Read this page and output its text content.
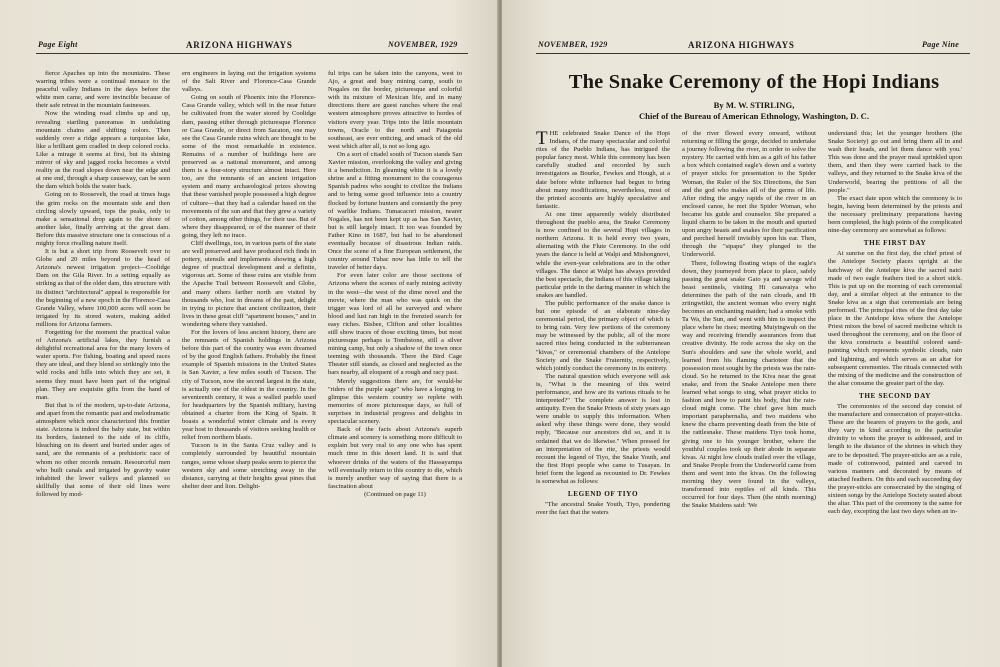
Page Eight	ARIZONA HIGHWAYS	NOVEMBER, 1929

fierce Apaches up into the mountains. These warring tribes were a continual menace to the peaceful valley Indians in the days before the white men came, and were invincible because of their safe retreat in the mountain fastnesses.

Now the winding road climbs up and up, revealing startling panoramas in undulating mountain chains and shifting colors. Then suddenly over a ridge appears a turquoise lake, like a brilliant gem cradled in deep colored rocks. Like a mirage it seems at first, but its shining mirror of sky and jagged rocks becomes a vivid reality as the road slopes down near the edge and at one end, through a sharp causeway, can be seen the dam which holds the water back.

Going on to Roosevelt, the road at times hugs the grim rocks on the mountain side and then circling slowly upward, tops the peaks, only to make a sensational drop again to the shore of another lake, finally arriving at the great dam. Before this massive structure one is conscious of a mighty force rivalling nature itself.

It is but a short trip from Roosevelt over to Globe and 20 miles beyond to the head of Arizona's newest irrigation project—Coolidge Dam on the Gila River. In a setting equally as striking as that of the older dam, this structure with its distinct "architectural" appeal is responsible for the beginning of a new epoch in the Florence-Casa Grande Valley, where 100,000 acres will soon be irrigated by its stored waters, making added millions for Arizona farmers.

Forgetting for the moment the practical value of Arizona's artificial lakes, they furnish a delightful recreational area for the many lovers of water sports. For fishing, boating and speed races they are ideal, and they blend so strikingly into the wild rocks and hills into which they are set, it seems they must have been part of the original plan. They are exquisite gifts from the hand of man.

But that is of the modern, up-to-date Arizona, and apart from the romantic past and melodramatic atmosphere which once characterized this frontier state. Arizona is indeed the baby state, but within its borders, fastened to the side of its cliffs, bleaching on its desert and buried under ages of sand, are the remnants of a prehistoric race of whom no other records remain. Resourceful men who built canals and irrigated by gravity water inhabited the lower valleys and planned so skillfully that some of their old lines were followed by mod-

ern engineers in laying out the irrigation systems of the Salt River and Florence-Casa Grande valleys.

Going on south of Phoenix into the Florence-Casa Grande valley, which will in the near future be cultivated from the water stored by Coolidge dam, passing either through picturesque Florence or Casa Grande, or direct from Sacaton, one may see the Casa Grande ruins which are thought to be some of the most remarkable in existence. Remains of a number of buildings here are preserved as a national monument, and among them is a four-story structure almost intact. Here too, are the remnants of an ancient irrigation system and many archaeological prizes showing that these vanished people possessed a high degree of culture—that they had a calendar based on the movements of the sun and that they grew a variety of cotton, among other things, for their use. But of where they disappeared, or of the manner of their going, they left no trace.

Cliff dwellings, too, in various parts of the state are well preserved and have produced rich finds in pottery, utensils and implements showing a high degree of practical development and a definite, vigorous art. Some of these ruins are visible from the Apache Trail between Roosevelt and Globe, and many others farther north are visited by thousands who, lost in dreams of the past, delight in trying to picture that ancient civilization, their lives in these great cliff "apartment houses," and in wondering where they vanished.

For the lovers of less ancient history, there are the remnants of Spanish holdings in Arizona before this part of the country was even dreamed of by the good English fathers. Probably the finest example of Spanish missions in the United States is San Xavier, a few miles south of Tucson. The city of Tucson, now the second largest in the state, is actually one of the oldest in the country. In the seventeenth century, it was a walled pueblo used for headquarters by the Spanish military, having obtained a charter from the King of Spain. It boasts a wonderful winter climate and is every year host to thousands of visitors seeking health or relief from northern blasts.

Tucson is in the Santa Cruz valley and is completely surrounded by beautiful mountain ranges, some whose sharp peaks seem to pierce the western sky and some stretching away in the distance, carrying at their heights great pines that shelter deer and lion. Delight-

ful trips can be taken into the canyons, west to Ajo, a great and busy mining camp, south to Nogales on the border, picturesque and colorful with its mixture of Mexican life, and in many directions there are guest ranches where the real western atmosphere proves attractive to hordes of visitors every year. Trips into the little mountain towns, Oracle to the north and Patagonia southeast, are ever enticing, and smack of the old west which after all, is not so long ago.

On a sort of citadel south of Tucson stands San Xavier mission, overlooking the valley and giving it a benediction. In gleaming white it is a lovely shrine and a fitting monument to the courageous Spanish padres who sought to civilize the Indians and to bring some good influence into a country flocked by fortune hunters and constantly the prey of warlike Indians. Tumacacori mission, nearer Nogales, has not been kept up as has San Xavier, but is still largely intact. It too was founded by Father Kino in 1687, but had to be abandoned eventually because of disastrous Indian raids. Once the scene of a fine European settlement, the country around Tubac now has little to tell the traveler of better days.

For even later color are those sections of Arizona where the scenes of early mining activity in the west—the west of the dime novel and the movie, where the man who was quick on the trigger was lord of all he surveyed and where blood and lust ran high in the frenzied search for easy riches. Bisbee, Clifton and other localities still show traces of those exciting times, but most picturesque perhaps is Tombstone, still a silver mining camp, but only a shadow of the town once teeming with thousands. There the Bird Cage Theater still stands, as closed and neglected as the bars nearby, all eloquent of a rough and racy past.

Merely suggestions there are, for would-be "riders of the purple sage" who have a longing to glimpse this western country so replete with memories of more picturesque days, so full of surprises in industrial progress and delights in spectacular scenery.

Back of the facts about Arizona's superb climate and scenery is something more difficult to explain but very real to any one who has spent much time in this desert land. It is said that whoever drinks of the waters of the Hassayampa will eventually return to this country to die, which is merely another way of saying that there is a fascination about

(Continued on page 11)

NOVEMBER, 1929	ARIZONA HIGHWAYS	Page Nine
The Snake Ceremony of the Hopi Indians
By M. W. STIRLING,
Chief of the Bureau of American Ethnology, Washington, D. C.

THE celebrated Snake Dance of the Hopi Indians, of the many spectacular and colorful rites of the Pueblo Indians, has intrigued the popular fancy most. While this ceremony has been carefully studied and recorded by such investigators as Bourke, Fewkes and Hough, at a date before white influence had begun to bring about many modifications, nevertheless, most of the printed accounts are highly speculative and fantastic.

At one time apparently widely distributed throughout the pueblo area, the Snake Ceremony is now confined to the several Hopi villages in northern Arizona. It is held every two years, alternating with the Flute Ceremony. In the odd years the dance is held at Walpi and Mishongnovi, while the even-year celebrations are in the other villages. The dance at Walpi has always provided the best spectacle, the Indians of this village taking particular pride in the daring manner in which the snakes are handled.

The public performance of the snake dance is but one episode of an elaborate nine-day ceremonial period, the primary object of which is to bring rain. Very few portions of the ceremony may be witnessed by the public, all of the more sacred rites being conducted in the subterranean "kivas," or ceremonial chambers of the Antelope Society and the Snake Fraternity, respectively, which jointly conduct the ceremony in its entirety.

The natural question which everyone will ask is, "What is the meaning of this weird performance, and how are its various rituals to be interpreted?" The complete answer is lost in antiquity. Even the Snake Priests of sixty years ago were unable to supply this information. When asked why these things were done, they would reply, "Because our ancestors did so, and it is ordained that we do likewise." When pressed for an interpretation of the rite, the priests would recount the legend of Tiyo, the Snake Youth, and the first Hopi people who came to Tusayan. In brief form the legend as recounted to Dr. Fewkes is somewhat as follows:

LEGEND OF TIYO

"The ancestral Snake Youth, Tiyo, pondering over the fact that the waters

of the river flowed every onward, without returning or filling the gorge, decided to undertake a journey following the river, in order to solve the mystery. He carried with him as a gift of his father a box which contained eagle's down and a variety of prayer sticks for presentation to the Spider Woman, the Ruler of the Six Directions, the Sun and the god who makes all of the germs of life. After riding the angry rapids of the river in an enclosed canoe, he met the Spider Woman, who became his guide and counselor. She prepared a liquid charm to be taken in the mouth and spurted upon angry beasts and snakes for their pacification and perched herself invisibly upon his ear. Then, through the "sipapu" they plunged to the Underworld.

There, following floating wisps of the eagle's down, they journeyed from place to place, safely passing the great snake Gato ya and savage wild beast sentinels, visiting Hi canavaiya who determines the path of the rain clouds, and Hi zriingwtikit, the ancient woman who every night becomes an enchanting maiden; had a smoke with Ta Wa, the Sun, and went with him to inspect the place where he rises; meeting Muiyingwuh on the way and receiving friendly assurances from that creative divinity. He rode across the sky on the Sun's shoulders and saw the whole world, and learned from his flaming charioteer that the possession most sought by the priests was the rain-cloud. So he returned to the Kiva near the great snake, and from the Snake Antelope men there learned what songs to sing, what prayer sticks to fashion and how to paint his body, that the rain-cloud might come. The chief gave him much important paraphernalia, and two maidens who knew the charm preventing death from the bite of the rattlesnake. These maidens Tiyo took home, giving one to his younger brother, where the youthful couples took up their abode in separate kivas. At night low clouds trailed over the village, and Snake People from the Underworld came from them and went into the kivas. On the following morning they were found in the valleys, transformed into reptiles of all kinds. This occurred for four days. Then (the ninth morning) the Snake Maidens said: 'We

understand this; let the younger brothers (the Snake Society) go out and bring them all in and wash their heads, and let them dance with you.' This was done and the prayer meal sprinkled upon them, and then they were carried back to the valleys, and they returned to the Snake kiva of the Underworld, bearing the petitions of all the people."

The exact date upon which the ceremony is to begin, having been determined by the priests and the necessary preliminary preparations having been completed, the high points of the complicated nine-day ceremony are somewhat as follows:

THE FIRST DAY

At sunrise on the first day, the chief priest of the Antelope Society places upright at the hatchway of the Antelope kiva the sacred natci made of two eagle feathers tied to a short stick. This is put up on the morning of each ceremonial day, and a similar object at the entrance to the Snake kiva as a sign that ceremonials are being performed. The principal rites of the first day take place in the Antelope kiva where the Antelope Priest mixes the bowl of sacred medicine which is used throughout the ceremony, and on the floor of the kiva constructs a beautiful colored sand-painting which represents symbolic clouds, rain and lightning, and which serves as an altar for subsequent ceremonies. The rituals connected with the mixing of the medicine and the construction of the altar consume the greater part of the day.

THE SECOND DAY

The ceremonies of the second day consist of the manufacture and consecration of prayer-sticks. These are the bearers of prayers to the gods, and they vary in kind according to the particular divinity to whom the prayer is addressed, and in length to the distance of the shrines in which they are to be deposited. The prayer-sticks are as a rule, made of cottonwood, painted and carved in various manners and decorated by means of attached feathers. On this and each succeeding day the prayer-sticks are consecrated by the singing of sixteen songs by the Antelope Society seated about the altar. This part of the ceremony is the same for each day, excepting the last two days when an in-
